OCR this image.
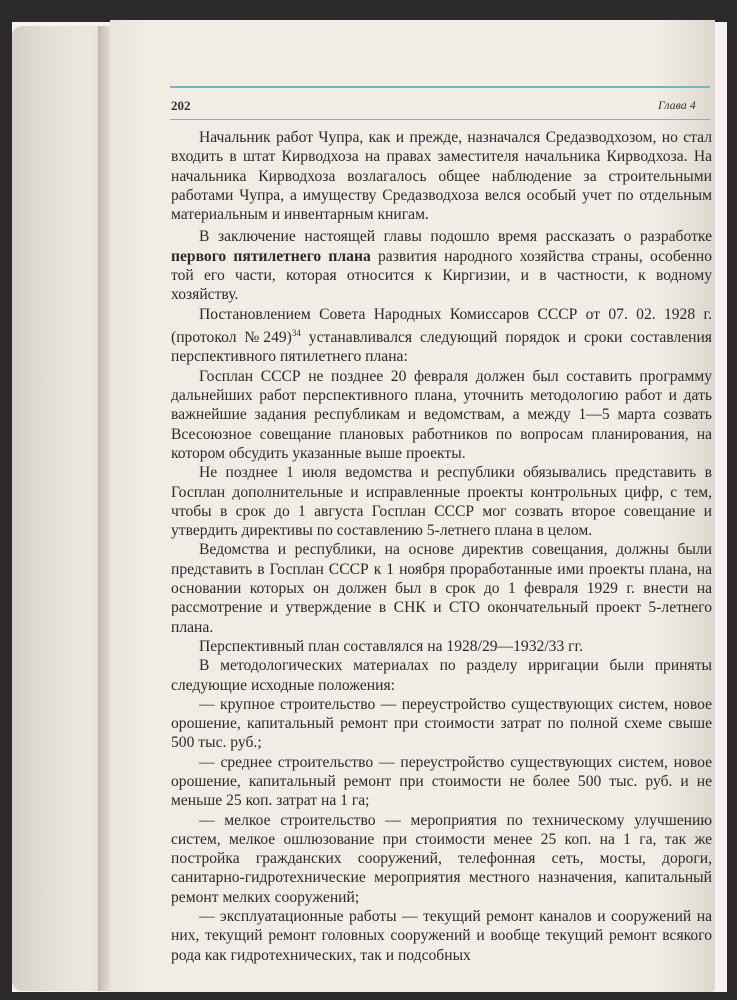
202	Глава 4

Начальник работ Чупра, как и прежде, назначался Средазводхозом, но стал входить в штат Кирводхоза на правах заместителя начальника Кирводхоза. На начальника Кирводхоза возлагалось общее наблюдение за строительными работами Чупра, а имуществу Средазводхоза велся особый учет по отдельным материальным и инвентарным книгам.

В заключение настоящей главы подошло время рассказать о разработке первого пятилетнего плана развития народного хозяйства страны, особенно той его части, которая относится к Киргизии, и в частности, к водному хозяйству.

Постановлением Совета Народных Комиссаров СССР от 07. 02. 1928 г. (протокол №249)$^{34}$ устанавливался следующий порядок и сроки составления перспективного пятилетнего плана:

Госплан СССР не позднее 20 февраля должен был составить программу дальнейших работ перспективного плана, уточнить методологию работ и дать важнейшие задания республикам и ведомствам, а между 1—5 марта созвать Всесоюзное совещание плановых работников по вопросам планирования, на котором обсудить указанные выше проекты.

Не позднее 1 июля ведомства и республики обязывались представить в Госплан дополнительные и исправленные проекты контрольных цифр, с тем, чтобы в срок до 1 августа Госплан СССР мог созвать второе совещание и утвердить директивы по составлению 5-летнего плана в целом.

Ведомства и республики, на основе директив совещания, должны были представить в Госплан СССР к 1 ноября проработанные ими проекты плана, на основании которых он должен был в срок до 1 февраля 1929 г. внести на рассмотрение и утверждение в СНК и СТО окончательный проект 5-летнего плана.

Перспективный план составлялся на 1928/29—1932/33 гг.

В методологических материалах по разделу ирригации были приняты следующие исходные положения:

— крупное строительство — переустройство существующих систем, новое орошение, капитальный ремонт при стоимости затрат по полной схеме свыше 500 тыс. руб.;

— среднее строительство — переустройство существующих систем, новое орошение, капитальный ремонт при стоимости не более 500 тыс. руб. и не меньше 25 коп. затрат на 1 га;

— мелкое строительство — мероприятия по техническому улучшению систем, мелкое ошлюзование при стоимости менее 25 коп. на 1 га, так же постройка гражданских сооружений, телефонная сеть, мосты, дороги, санитарно-гидротехнические мероприятия местного назначения, капитальный ремонт мелких сооружений;

— эксплуатационные работы — текущий ремонт каналов и сооружений на них, текущий ремонт головных сооружений и вообще текущий ремонт всякого рода как гидротехнических, так и подсобных
